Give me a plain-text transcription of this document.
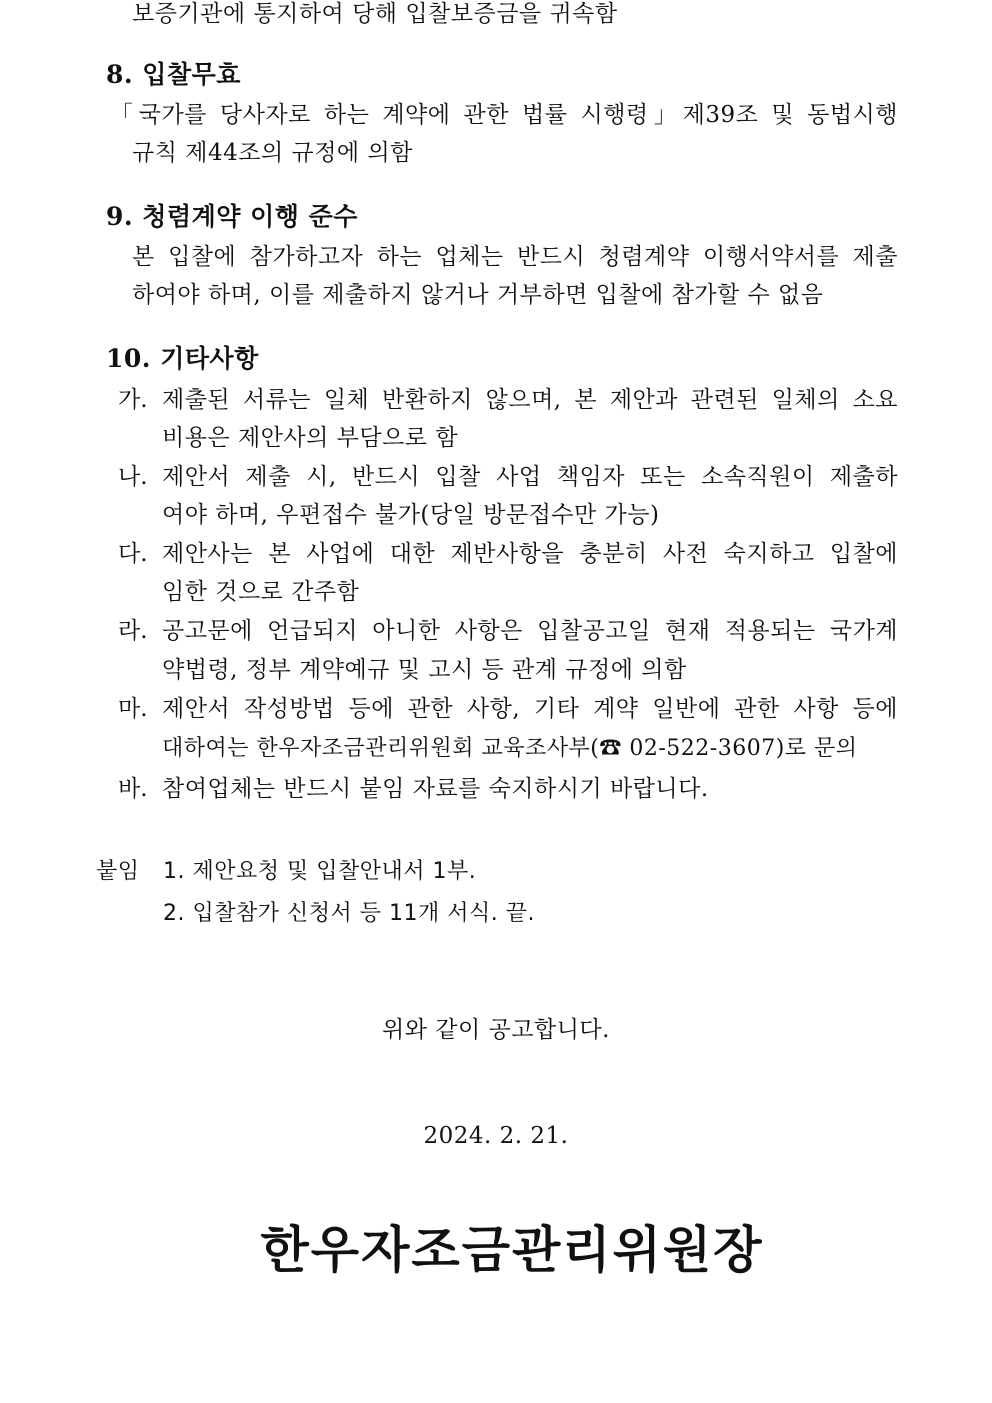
보증기관에 통지하여 당해 입찰보증금을 귀속함
8. 입찰무효
「국가를 당사자로 하는 계약에 관한 법률 시행령」제39조 및 동법시행
규칙 제44조의 규정에 의함
9. 청렴계약 이행 준수
본 입찰에 참가하고자 하는 업체는 반드시 청렴계약 이행서약서를 제출
하여야 하며, 이를 제출하지 않거나 거부하면 입찰에 참가할 수 없음
10. 기타사항
가. 제출된 서류는 일체 반환하지 않으며, 본 제안과 관련된 일체의 소요
비용은 제안사의 부담으로 함
나. 제안서 제출 시, 반드시 입찰 사업 책임자 또는 소속직원이 제출하
여야 하며, 우편접수 불가(당일 방문접수만 가능)
다. 제안사는 본 사업에 대한 제반사항을 충분히 사전 숙지하고 입찰에
임한 것으로 간주함
라. 공고문에 언급되지 아니한 사항은 입찰공고일 현재 적용되는 국가계
약법령, 정부 계약예규 및 고시 등 관계 규정에 의함
마. 제안서 작성방법 등에 관한 사항, 기타 계약 일반에 관한 사항 등에
대하여는 한우자조금관리위원회 교육조사부(☎ 02-522-3607)로 문의
바. 참여업체는 반드시 붙임 자료를 숙지하시기 바랍니다.
붙임 1. 제안요청 및 입찰안내서 1부.
2. 입찰참가 신청서 등 11개 서식. 끝.
위와 같이 공고합니다.
2024. 2. 21.
한우자조금관리위원장
